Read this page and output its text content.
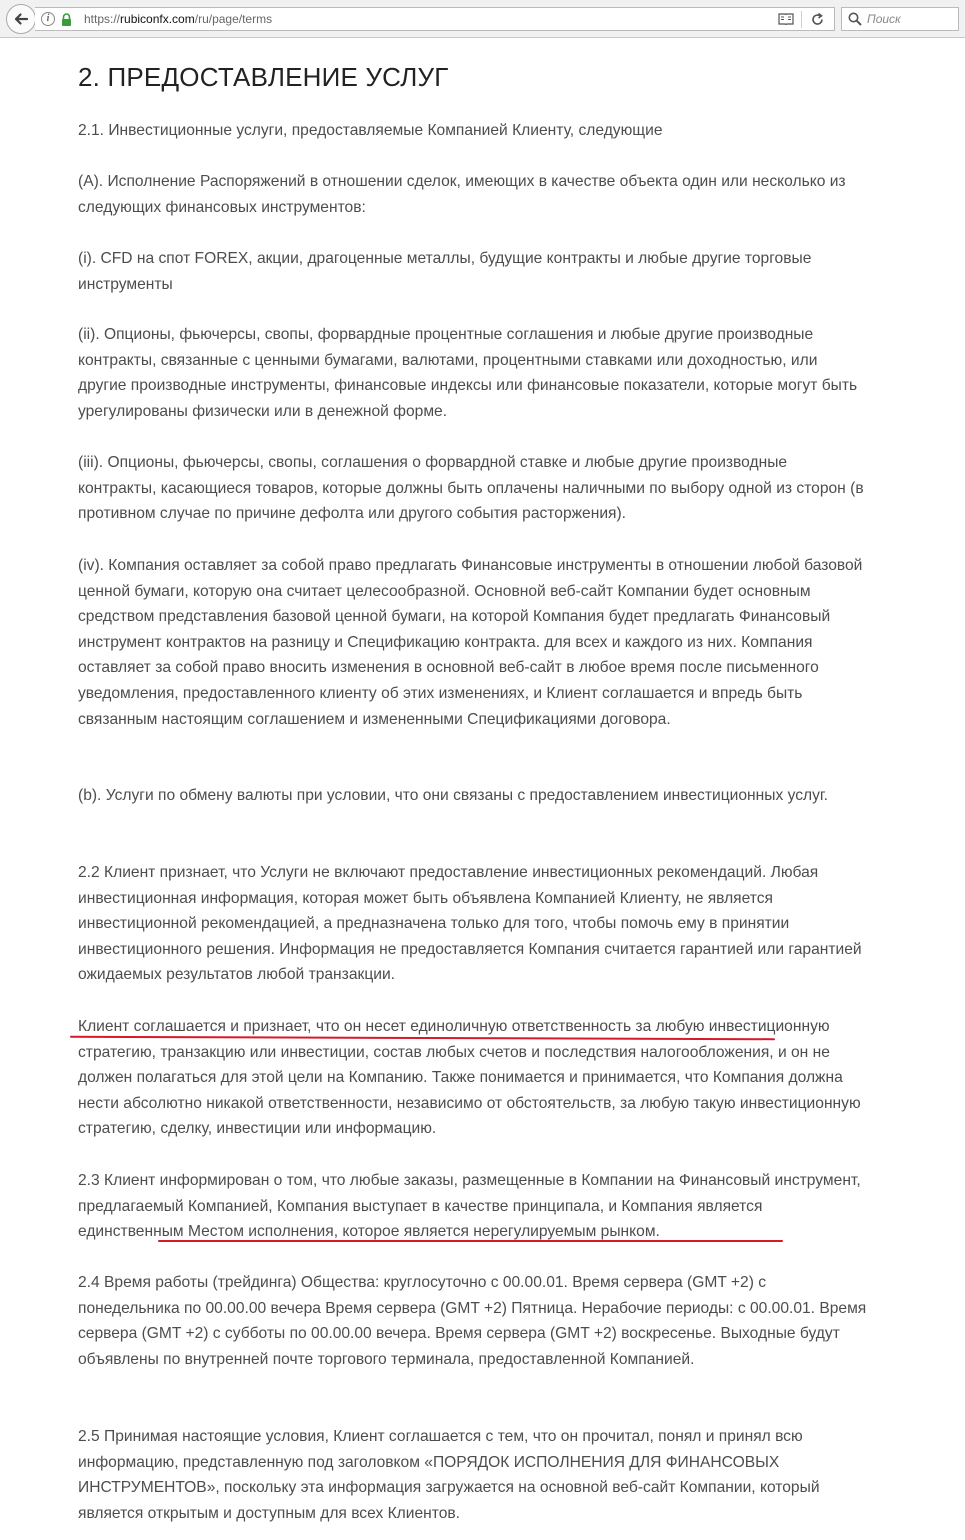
i	https://rubiconfx.com/ru/page/terms	Поиск
2. ПРЕДОСТАВЛЕНИЕ УСЛУГ

2.1. Инвестиционные услуги, предоставляемые Компанией Клиенту, следующие

(A). Исполнение Распоряжений в отношении сделок, имеющих в качестве объекта один или несколько из следующих финансовых инструментов:

(i). CFD на спот FOREX, акции, драгоценные металлы, будущие контракты и любые другие торговые инструменты

(ii). Опционы, фьючерсы, свопы, форвардные процентные соглашения и любые другие производные контракты, связанные с ценными бумагами, валютами, процентными ставками или доходностью, или другие производные инструменты, финансовые индексы или финансовые показатели, которые могут быть урегулированы физически или в денежной форме.

(iii). Опционы, фьючерсы, свопы, соглашения о форвардной ставке и любые другие производные контракты, касающиеся товаров, которые должны быть оплачены наличными по выбору одной из сторон (в противном случае по причине дефолта или другого события расторжения).

(iv). Компания оставляет за собой право предлагать Финансовые инструменты в отношении любой базовой ценной бумаги, которую она считает целесообразной. Основной веб-сайт Компании будет основным средством представления базовой ценной бумаги, на которой Компания будет предлагать Финансовый инструмент контрактов на разницу и Спецификацию контракта. для всех и каждого из них. Компания оставляет за собой право вносить изменения в основной веб-сайт в любое время после письменного уведомления, предоставленного клиенту об этих изменениях, и Клиент соглашается и впредь быть связанным настоящим соглашением и измененными Спецификациями договора.

(b). Услуги по обмену валюты при условии, что они связаны с предоставлением инвестиционных услуг.

2.2 Клиент признает, что Услуги не включают предоставление инвестиционных рекомендаций. Любая инвестиционная информация, которая может быть объявлена Компанией Клиенту, не является инвестиционной рекомендацией, а предназначена только для того, чтобы помочь ему в принятии инвестиционного решения. Информация не предоставляется Компания считается гарантией или гарантией ожидаемых результатов любой транзакции.

Клиент соглашается и признает, что он несет единоличную ответственность за любую инвестиционную стратегию, транзакцию или инвестиции, состав любых счетов и последствия налогообложения, и он не должен полагаться для этой цели на Компанию. Также понимается и принимается, что Компания должна нести абсолютно никакой ответственности, независимо от обстоятельств, за любую такую инвестиционную стратегию, сделку, инвестиции или информацию.

2.3 Клиент информирован о том, что любые заказы, размещенные в Компании на Финансовый инструмент, предлагаемый Компанией, Компания выступает в качестве принципала, и Компания является единственным Местом исполнения, которое является нерегулируемым рынком.

2.4 Время работы (трейдинга) Общества: круглосуточно с 00.00.01. Время сервера (GMT +2) с понедельника по 00.00.00 вечера Время сервера (GMT +2) Пятница. Нерабочие периоды: с 00.00.01. Время сервера (GMT +2) с субботы по 00.00.00 вечера. Время сервера (GMT +2) воскресенье. Выходные будут объявлены по внутренней почте торгового терминала, предоставленной Компанией.

2.5 Принимая настоящие условия, Клиент соглашается с тем, что он прочитал, понял и принял всю информацию, представленную под заголовком «ПОРЯДОК ИСПОЛНЕНИЯ ДЛЯ ФИНАНСОВЫХ ИНСТРУМЕНТОВ», поскольку эта информация загружается на основной веб-сайт Компании, который является открытым и доступным для всех Клиентов.
